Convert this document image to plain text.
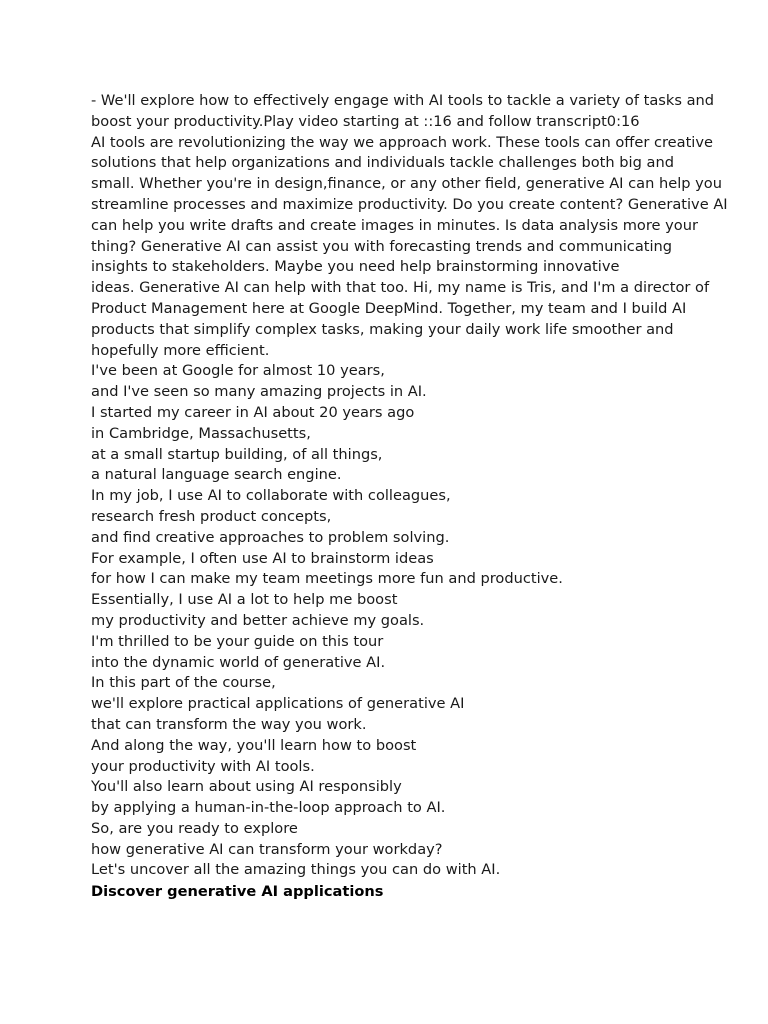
- We'll explore how to effectively engage with AI tools to tackle a variety of tasks and
boost your productivity.Play video starting at ::16 and follow transcript0:16
AI tools are revolutionizing the way we approach work. These tools can offer creative
solutions that help organizations and individuals tackle challenges both big and
small. Whether you're in design,finance, or any other field, generative AI can help you
streamline processes and maximize productivity. Do you create content? Generative AI
can help you write drafts and create images in minutes. Is data analysis more your
thing? Generative AI can assist you with forecasting trends and communicating
insights to stakeholders. Maybe you need help brainstorming innovative
ideas. Generative AI can help with that too. Hi, my name is Tris, and I'm a director of
Product Management here at Google DeepMind. Together, my team and I build AI
products that simplify complex tasks, making your daily work life smoother and
hopefully more efficient.
I've been at Google for almost 10 years,
and I've seen so many amazing projects in AI.
I started my career in AI about 20 years ago
in Cambridge, Massachusetts,
at a small startup building, of all things,
a natural language search engine.
In my job, I use AI to collaborate with colleagues,
research fresh product concepts,
and find creative approaches to problem solving.
For example, I often use AI to brainstorm ideas
for how I can make my team meetings more fun and productive.
Essentially, I use AI a lot to help me boost
my productivity and better achieve my goals.
I'm thrilled to be your guide on this tour
into the dynamic world of generative AI.
In this part of the course,
we'll explore practical applications of generative AI
that can transform the way you work.
And along the way, you'll learn how to boost
your productivity with AI tools.
You'll also learn about using AI responsibly
by applying a human-in-the-loop approach to AI.
So, are you ready to explore
how generative AI can transform your workday?
Let's uncover all the amazing things you can do with AI.
Discover generative AI applications
